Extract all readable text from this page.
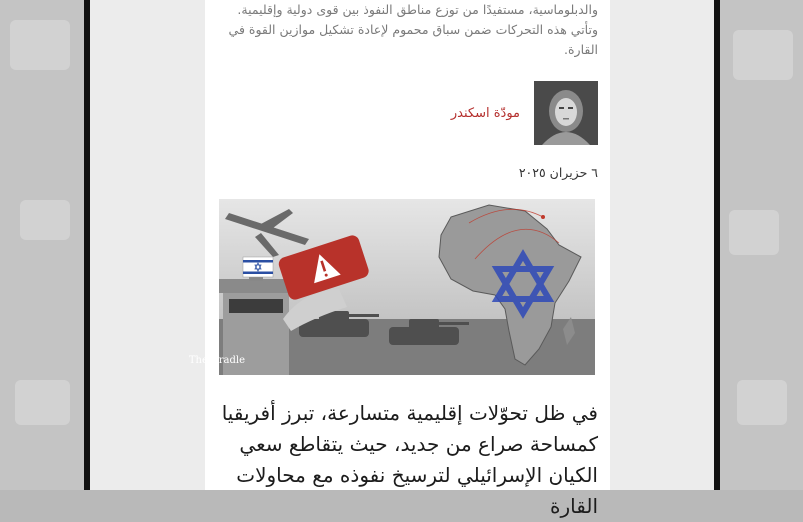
والدبلوماسية، مستفيدًا من توزع مناطق النفوذ بين قوى دولية وإقليمية.
وتأتي هذه التحركات ضمن سباق محموم لإعادة تشكيل موازين القوة في
القارة.
مودّة اسكندر
٦ حزيران ٢٠٢٥
The Cradle
في ظل تحوّلات إقليمية متسارعة، تبرز أفريقيا
كمساحة صراع من جديد، حيث يتقاطع سعي
الكيان الإسرائيلي لترسيخ نفوذه مع محاولات القارة
